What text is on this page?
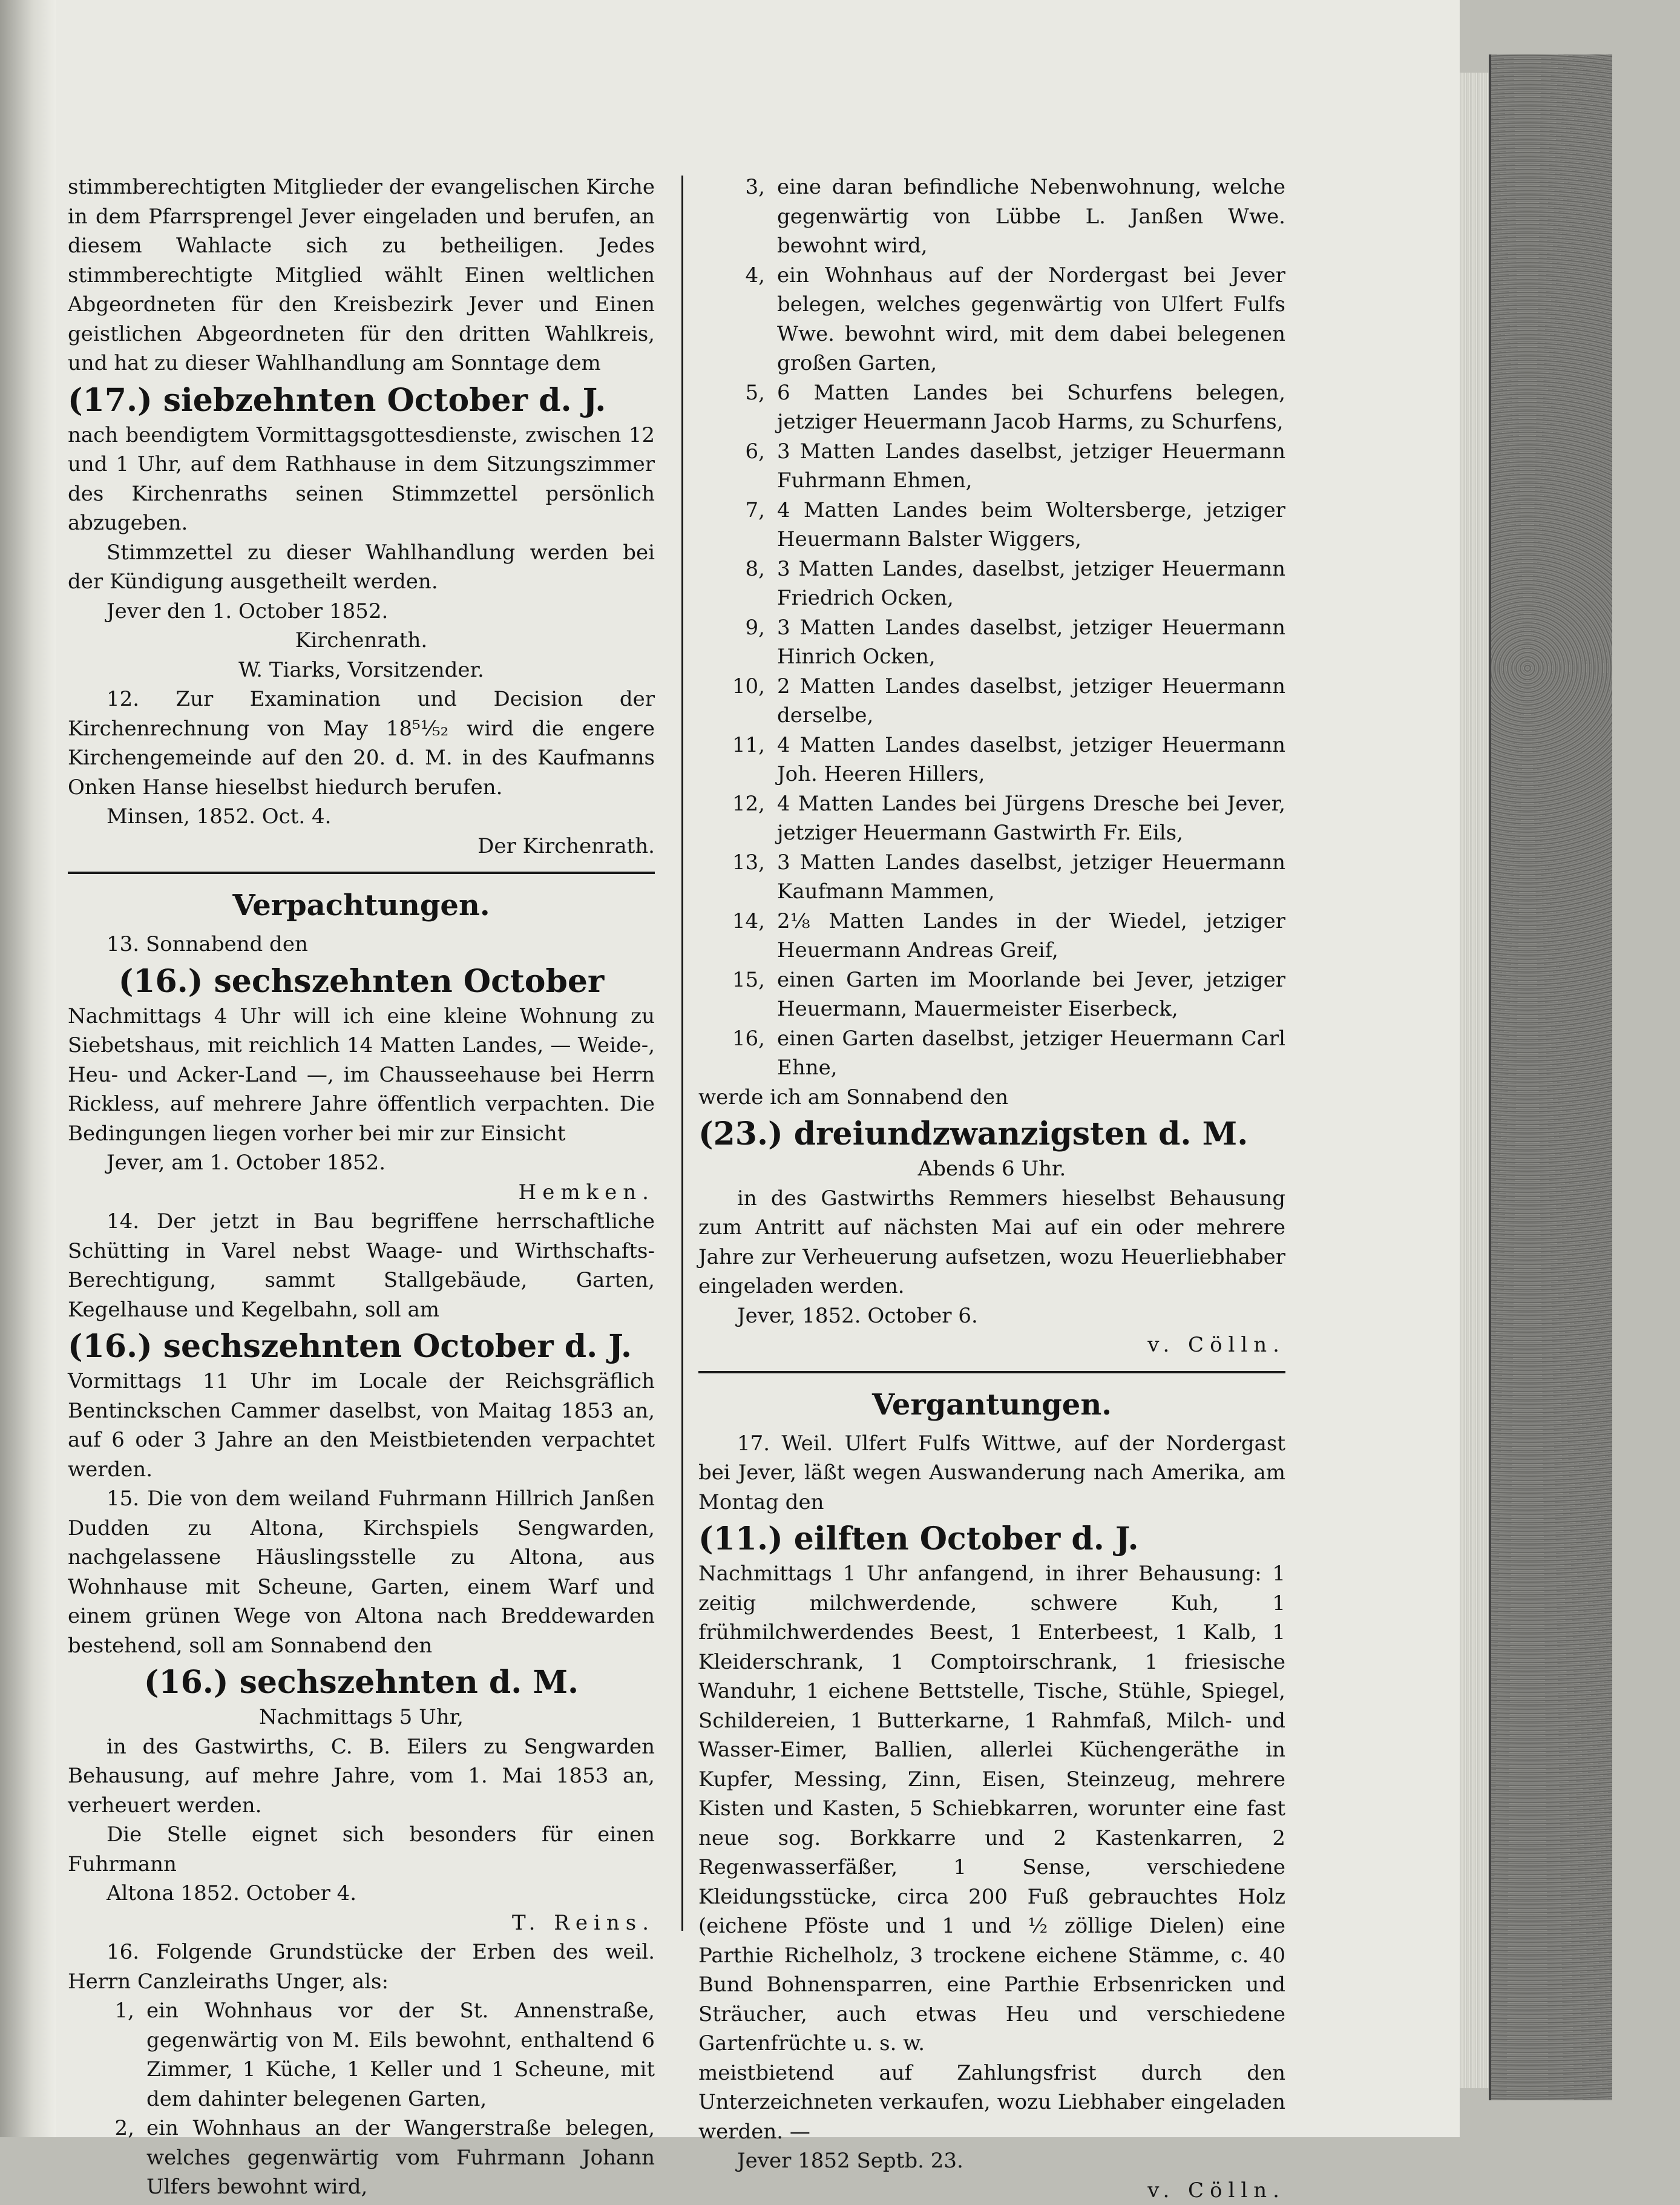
stimmberechtigten Mitglieder der evangelischen Kirche in dem Pfarrsprengel Jever eingeladen und berufen, an diesem Wahlacte sich zu betheiligen. Jedes stimmberechtigte Mitglied wählt Einen weltlichen Abgeordneten für den Kreisbezirk Jever und Einen geistlichen Abgeordneten für den dritten Wahlkreis, und hat zu dieser Wahlhandlung am Sonntage dem

(17.) siebzehnten October d. J.

nach beendigtem Vormittagsgottesdienste, zwischen 12 und 1 Uhr, auf dem Rathhause in dem Sitzungszimmer des Kirchenraths seinen Stimmzettel persönlich abzugeben.

Stimmzettel zu dieser Wahlhandlung werden bei der Kündigung ausgetheilt werden.

Jever den 1. October 1852.

Kirchenrath.

W. Tiarks, Vorsitzender.

12. Zur Examination und Decision der Kirchenrechnung von May 18⁵¹⁄₅₂ wird die engere Kirchengemeinde auf den 20. d. M. in des Kaufmanns Onken Hanse hieselbst hiedurch berufen.

Minsen, 1852. Oct. 4.

Der Kirchenrath.

Verpachtungen.

13. Sonnabend den

(16.) sechszehnten October

Nachmittags 4 Uhr will ich eine kleine Wohnung zu Siebetshaus, mit reichlich 14 Matten Landes, — Weide-, Heu- und Acker-Land —, im Chausseehause bei Herrn Rickless, auf mehrere Jahre öffentlich verpachten. Die Bedingungen liegen vorher bei mir zur Einsicht

Jever, am 1. October 1852.

Hemken.

14. Der jetzt in Bau begriffene herrschaftliche Schütting in Varel nebst Waage- und Wirthschafts-Berechtigung, sammt Stallgebäude, Garten, Kegelhause und Kegelbahn, soll am

(16.) sechszehnten October d. J.

Vormittags 11 Uhr im Locale der Reichsgräflich Bentinckschen Cammer daselbst, von Maitag 1853 an, auf 6 oder 3 Jahre an den Meistbietenden verpachtet werden.

15. Die von dem weiland Fuhrmann Hillrich Janßen Dudden zu Altona, Kirchspiels Sengwarden, nachgelassene Häuslingsstelle zu Altona, aus Wohnhause mit Scheune, Garten, einem Warf und einem grünen Wege von Altona nach Breddewarden bestehend, soll am Sonnabend den

(16.) sechszehnten d. M.

Nachmittags 5 Uhr,

in des Gastwirths, C. B. Eilers zu Sengwarden Behausung, auf mehre Jahre, vom 1. Mai 1853 an, verheuert werden.

Die Stelle eignet sich besonders für einen Fuhrmann

Altona 1852. October 4.

T. Reins.

16. Folgende Grundstücke der Erben des weil. Herrn Canzleiraths Unger, als:

1, ein Wohnhaus vor der St. Annenstraße, gegenwärtig von M. Eils bewohnt, enthaltend 6 Zimmer, 1 Küche, 1 Keller und 1 Scheune, mit dem dahinter belegenen Garten,
2, ein Wohnhaus an der Wangerstraße belegen, welches gegenwärtig vom Fuhrmann Johann Ulfers bewohnt wird,
3, eine daran befindliche Nebenwohnung, welche gegenwärtig von Lübbe L. Janßen Wwe. bewohnt wird,
4, ein Wohnhaus auf der Nordergast bei Jever belegen, welches gegenwärtig von Ulfert Fulfs Wwe. bewohnt wird, mit dem dabei belegenen großen Garten,
5, 6 Matten Landes bei Schurfens belegen, jetziger Heuermann Jacob Harms, zu Schurfens,
6, 3 Matten Landes daselbst, jetziger Heuermann Fuhrmann Ehmen,
7, 4 Matten Landes beim Woltersberge, jetziger Heuermann Balster Wiggers,
8, 3 Matten Landes, daselbst, jetziger Heuermann Friedrich Ocken,
9, 3 Matten Landes daselbst, jetziger Heuermann Hinrich Ocken,
10, 2 Matten Landes daselbst, jetziger Heuermann derselbe,
11, 4 Matten Landes daselbst, jetziger Heuermann Joh. Heeren Hillers,
12, 4 Matten Landes bei Jürgens Dresche bei Jever, jetziger Heuermann Gastwirth Fr. Eils,
13, 3 Matten Landes daselbst, jetziger Heuermann Kaufmann Mammen,
14, 2⅛ Matten Landes in der Wiedel, jetziger Heuermann Andreas Greif,
15, einen Garten im Moorlande bei Jever, jetziger Heuermann, Mauermeister Eiserbeck,
16, einen Garten daselbst, jetziger Heuermann Carl Ehne,

werde ich am Sonnabend den

(23.) dreiundzwanzigsten d. M.

Abends 6 Uhr.

in des Gastwirths Remmers hieselbst Behausung zum Antritt auf nächsten Mai auf ein oder mehrere Jahre zur Verheuerung aufsetzen, wozu Heuerliebhaber eingeladen werden.

Jever, 1852. October 6.

v. Cölln.

Vergantungen.

17. Weil. Ulfert Fulfs Wittwe, auf der Nordergast bei Jever, läßt wegen Auswanderung nach Amerika, am Montag den

(11.) eilften October d. J.

Nachmittags 1 Uhr anfangend, in ihrer Behausung: 1 zeitig milchwerdende, schwere Kuh, 1 frühmilchwerdendes Beest, 1 Enterbeest, 1 Kalb, 1 Kleiderschrank, 1 Comptoirschrank, 1 friesische Wanduhr, 1 eichene Bettstelle, Tische, Stühle, Spiegel, Schildereien, 1 Butterkarne, 1 Rahmfaß, Milch- und Wasser-Eimer, Ballien, allerlei Küchengeräthe in Kupfer, Messing, Zinn, Eisen, Steinzeug, mehrere Kisten und Kasten, 5 Schiebkarren, worunter eine fast neue sog. Borkkarre und 2 Kastenkarren, 2 Regenwasserfäßer, 1 Sense, verschiedene Kleidungsstücke, circa 200 Fuß gebrauchtes Holz (eichene Pföste und 1 und ½ zöllige Dielen) eine Parthie Richelholz, 3 trockene eichene Stämme, c. 40 Bund Bohnensparren, eine Parthie Erbsenricken und Sträucher, auch etwas Heu und verschiedene Gartenfrüchte u. s. w.

meistbietend auf Zahlungsfrist durch den Unterzeichneten verkaufen, wozu Liebhaber eingeladen werden. —

Jever 1852 Septb. 23.

v. Cölln.
